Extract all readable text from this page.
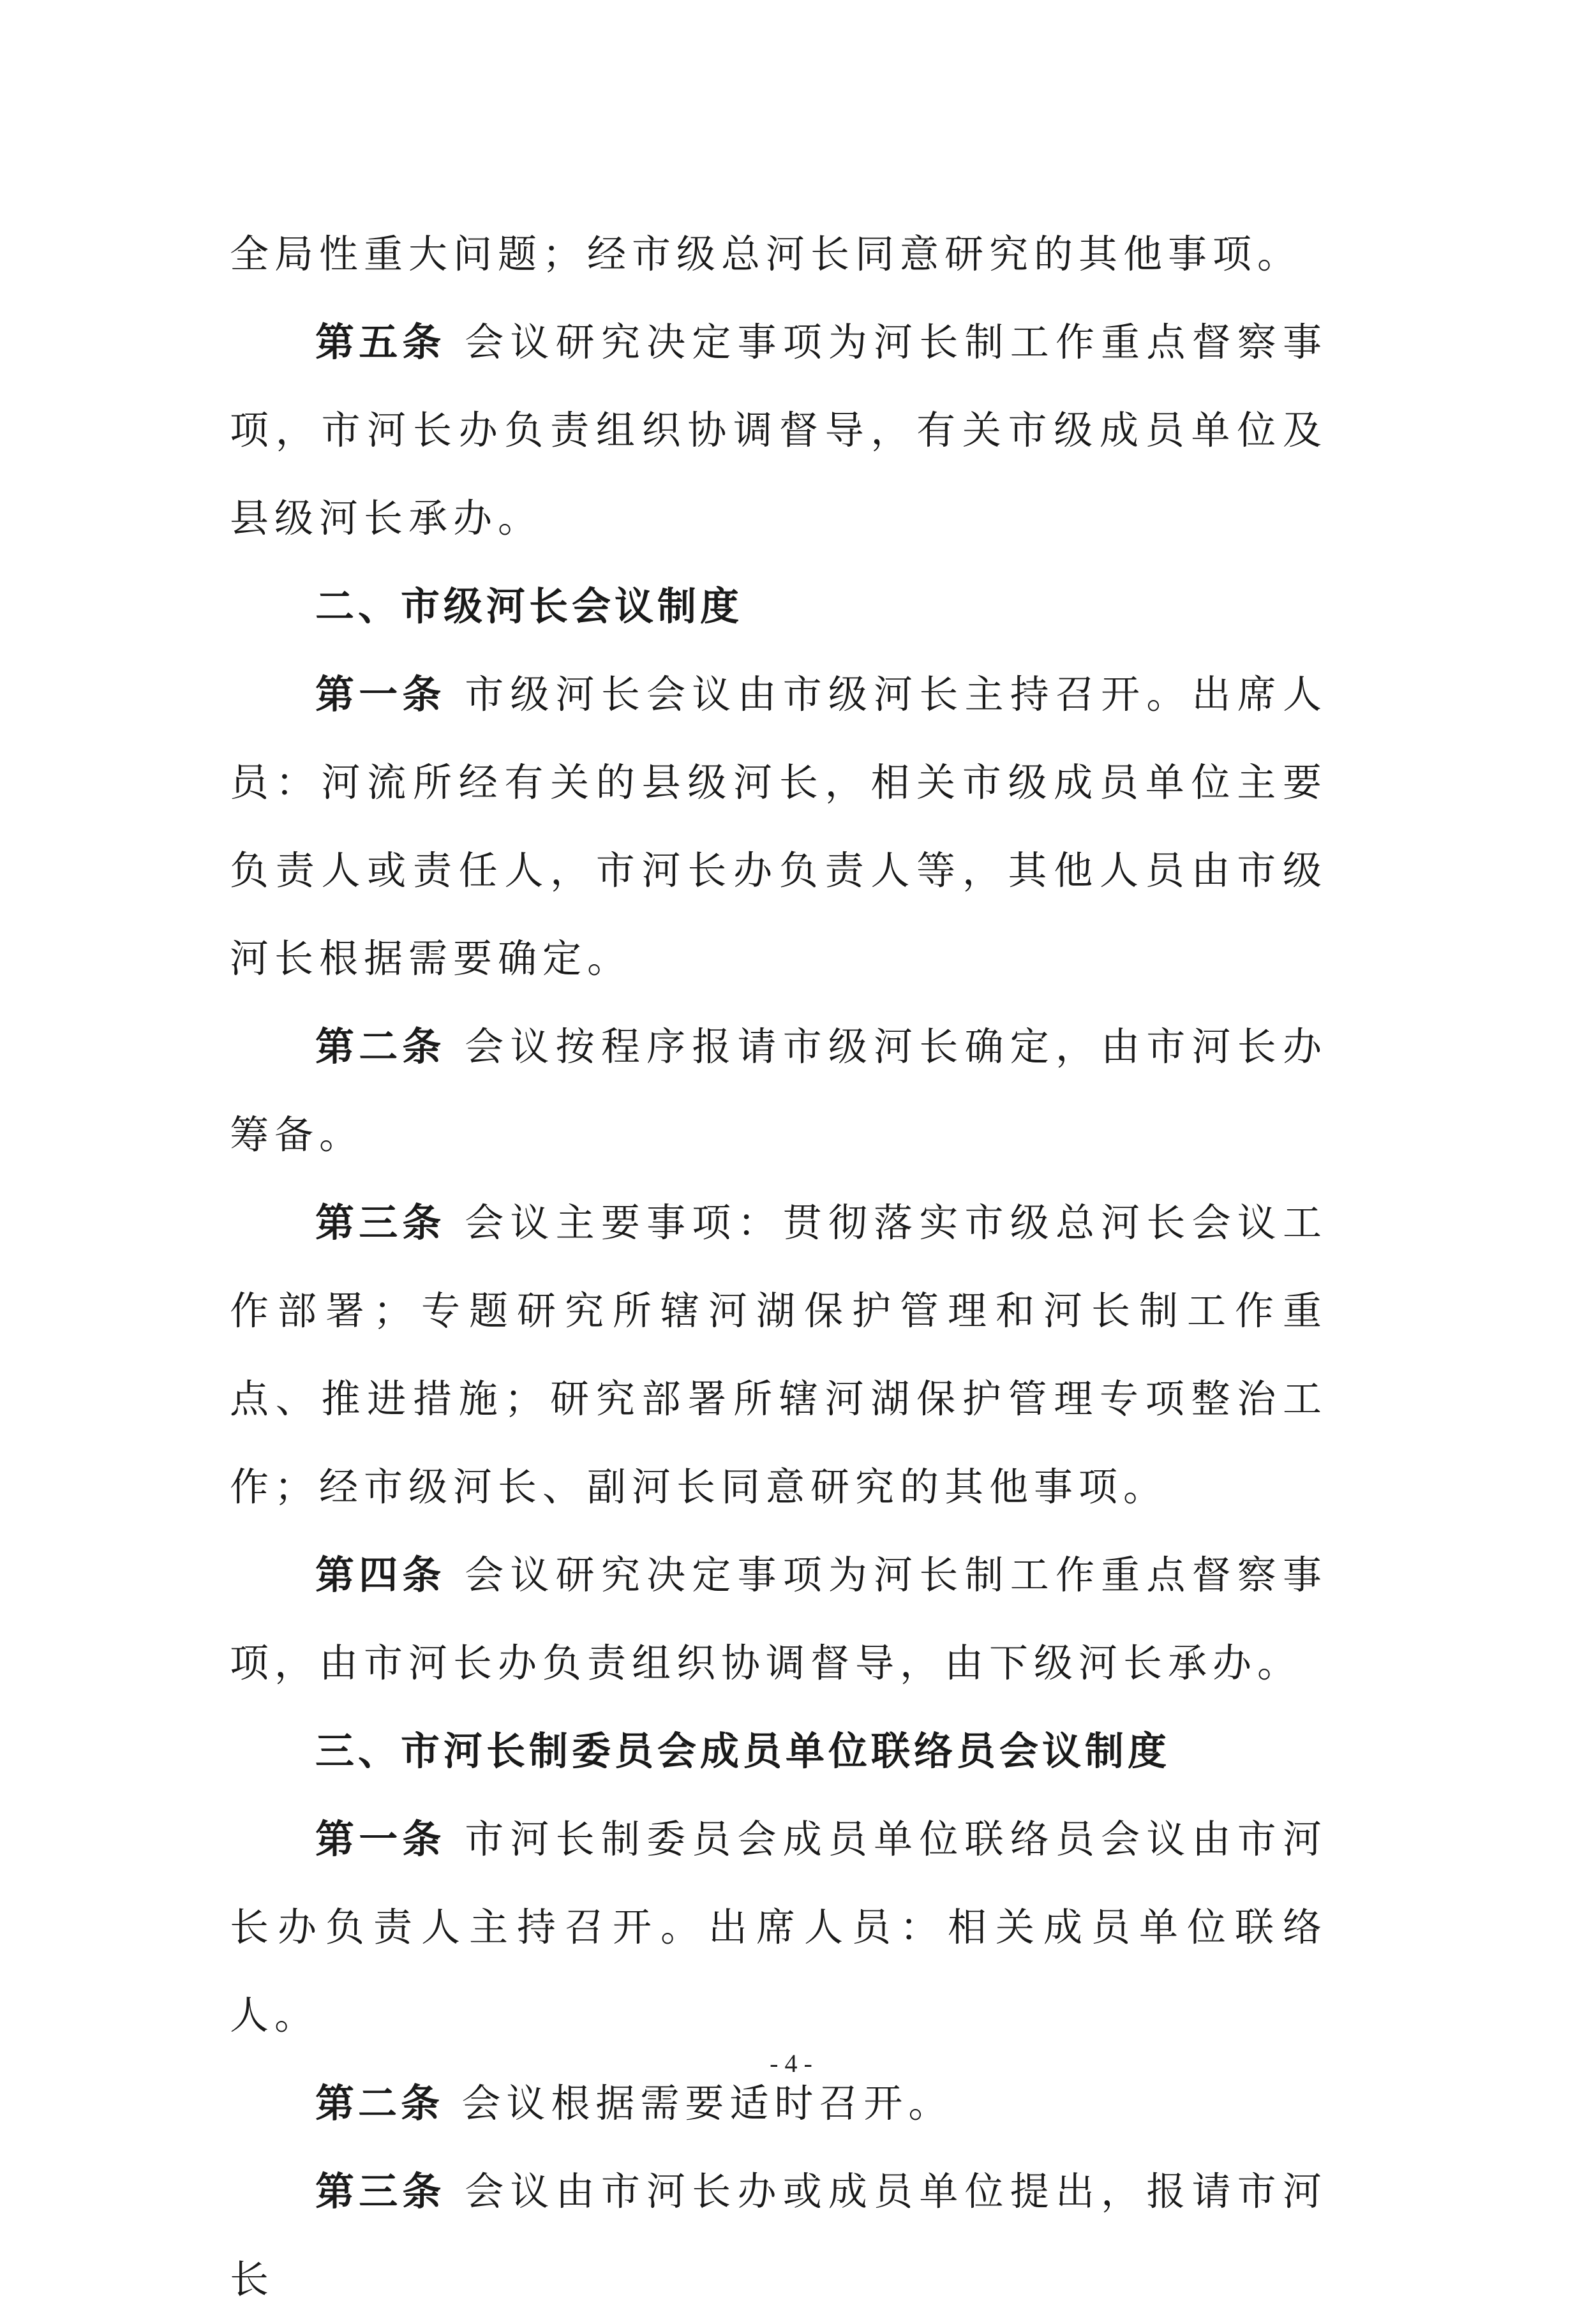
全局性重大问题；经市级总河长同意研究的其他事项。

第五条 会议研究决定事项为河长制工作重点督察事项，市河长办负责组织协调督导，有关市级成员单位及县级河长承办。

二、市级河长会议制度

第一条 市级河长会议由市级河长主持召开。出席人员：河流所经有关的县级河长，相关市级成员单位主要负责人或责任人，市河长办负责人等，其他人员由市级河长根据需要确定。

第二条 会议按程序报请市级河长确定，由市河长办筹备。

第三条 会议主要事项：贯彻落实市级总河长会议工作部署；专题研究所辖河湖保护管理和河长制工作重点、推进措施；研究部署所辖河湖保护管理专项整治工作；经市级河长、副河长同意研究的其他事项。

第四条 会议研究决定事项为河长制工作重点督察事项，由市河长办负责组织协调督导，由下级河长承办。

三、市河长制委员会成员单位联络员会议制度

第一条 市河长制委员会成员单位联络员会议由市河长办负责人主持召开。出席人员：相关成员单位联络人。

第二条 会议根据需要适时召开。

第三条 会议由市河长办或成员单位提出，报请市河长

- 4 -
